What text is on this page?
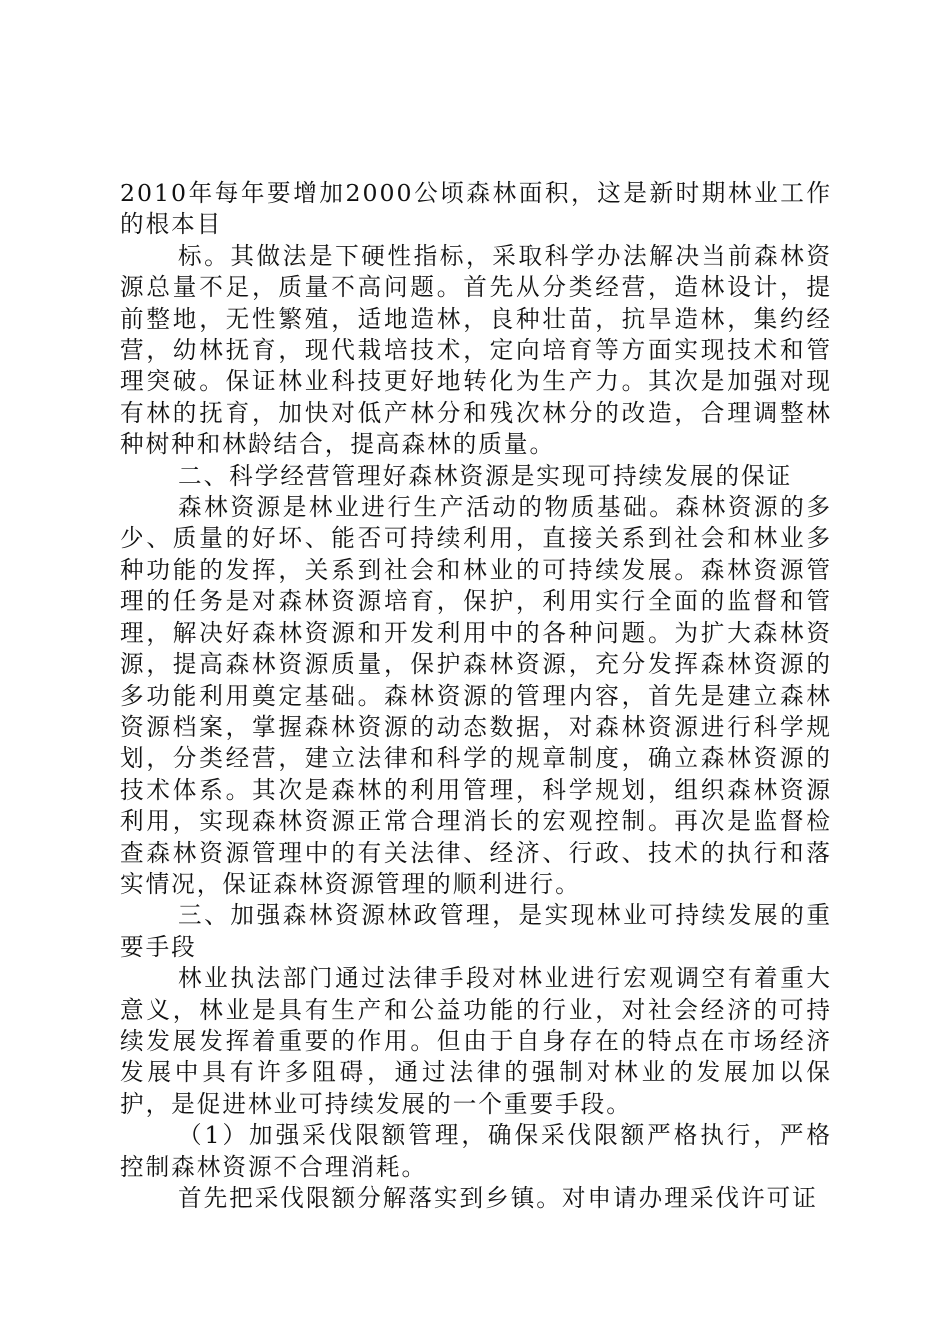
2010年每年要增加2000公顷森林面积，这是新时期林业工作的根本目

标。其做法是下硬性指标，采取科学办法解决当前森林资源总量不足，质量不高问题。首先从分类经营，造林设计，提前整地，无性繁殖，适地造林，良种壮苗，抗旱造林，集约经营，幼林抚育，现代栽培技术，定向培育等方面实现技术和管理突破。保证林业科技更好地转化为生产力。其次是加强对现有林的抚育，加快对低产林分和残次林分的改造，合理调整林种树种和林龄结合，提高森林的质量。

二、科学经营管理好森林资源是实现可持续发展的保证

森林资源是林业进行生产活动的物质基础。森林资源的多少、质量的好坏、能否可持续利用，直接关系到社会和林业多种功能的发挥，关系到社会和林业的可持续发展。森林资源管理的任务是对森林资源培育，保护，利用实行全面的监督和管理，解决好森林资源和开发利用中的各种问题。为扩大森林资源，提高森林资源质量，保护森林资源，充分发挥森林资源的多功能利用奠定基础。森林资源的管理内容，首先是建立森林资源档案，掌握森林资源的动态数据，对森林资源进行科学规划，分类经营，建立法律和科学的规章制度，确立森林资源的技术体系。其次是森林的利用管理，科学规划，组织森林资源利用，实现森林资源正常合理消长的宏观控制。再次是监督检查森林资源管理中的有关法律、经济、行政、技术的执行和落实情况，保证森林资源管理的顺利进行。

三、加强森林资源林政管理，是实现林业可持续发展的重要手段

林业执法部门通过法律手段对林业进行宏观调空有着重大意义，林业是具有生产和公益功能的行业，对社会经济的可持续发展发挥着重要的作用。但由于自身存在的特点在市场经济发展中具有许多阻碍，通过法律的强制对林业的发展加以保护，是促进林业可持续发展的一个重要手段。

（1）加强采伐限额管理，确保采伐限额严格执行，严格控制森林资源不合理消耗。

首先把采伐限额分解落实到乡镇。对申请办理采伐许可证
